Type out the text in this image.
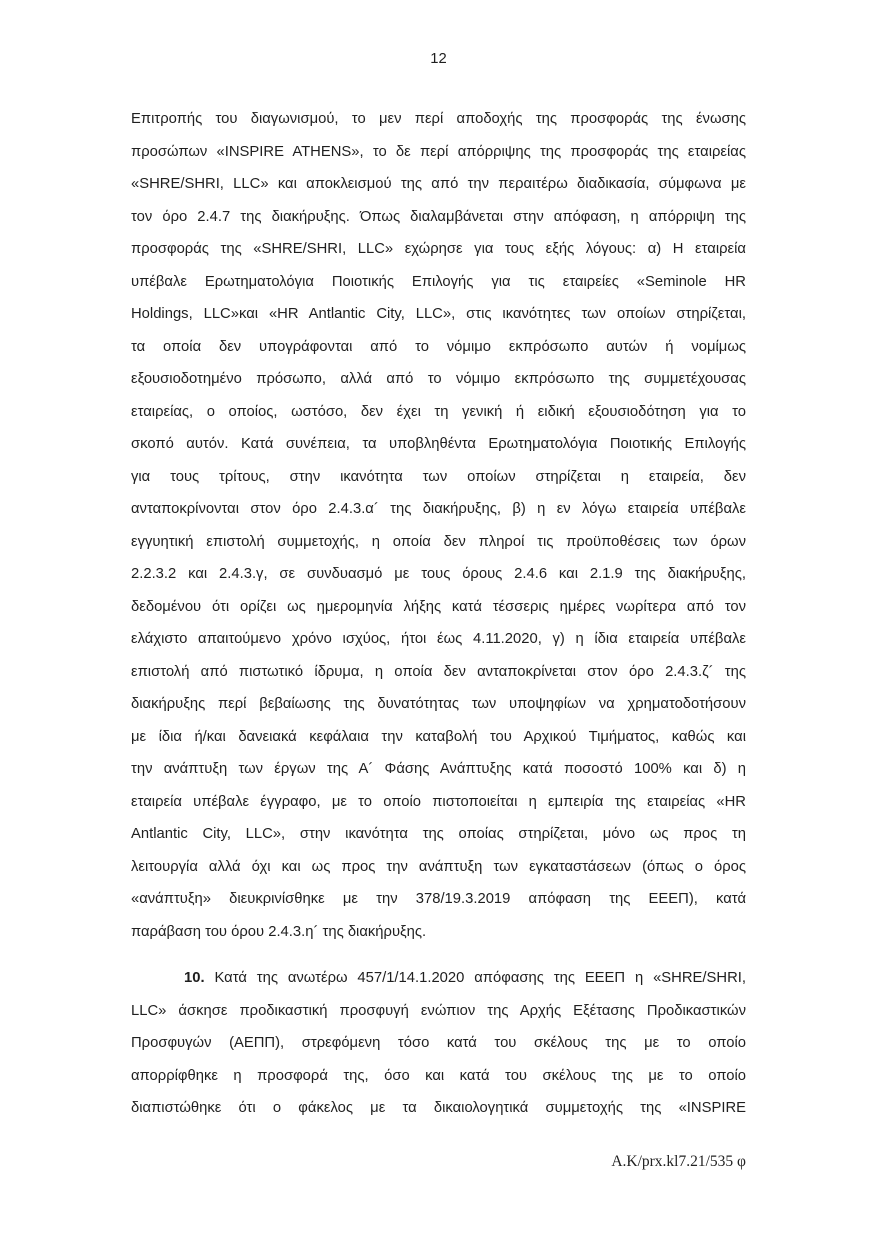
12
Επιτροπής του διαγωνισμού, το μεν περί αποδοχής της προσφοράς της ένωσης
προσώπων «INSPIRE ATHENS», το δε περί απόρριψης της προσφοράς της εταιρείας
«SHRE/SHRI, LLC» και αποκλεισμού της από την περαιτέρω διαδικασία, σύμφωνα με
τον όρο 2.4.7 της διακήρυξης. Όπως διαλαμβάνεται στην απόφαση, η απόρριψη της
προσφοράς της «SHRE/SHRI, LLC» εχώρησε για τους εξής λόγους: α) Η εταιρεία
υπέβαλε Ερωτηματολόγια Ποιοτικής Επιλογής για τις εταιρείες «Seminole HR
Holdings, LLC»και «HR Antlantic City, LLC», στις ικανότητες των οποίων στηρίζεται,
τα οποία δεν υπογράφονται από το νόμιμο εκπρόσωπο αυτών ή νομίμως
εξουσιοδοτημένο πρόσωπο, αλλά από το νόμιμο εκπρόσωπο της συμμετέχουσας
εταιρείας, ο οποίος, ωστόσο, δεν έχει τη γενική ή ειδική εξουσιοδότηση για το
σκοπό αυτόν. Κατά συνέπεια, τα υποβληθέντα Ερωτηματολόγια Ποιοτικής Επιλογής
για τους τρίτους, στην ικανότητα των οποίων στηρίζεται η εταιρεία, δεν
ανταποκρίνονται στον όρο 2.4.3.α´ της διακήρυξης, β) η εν λόγω εταιρεία υπέβαλε
εγγυητική επιστολή συμμετοχής, η οποία δεν πληροί τις προϋποθέσεις των όρων
2.2.3.2 και 2.4.3.γ, σε συνδυασμό με τους όρους 2.4.6 και 2.1.9 της διακήρυξης,
δεδομένου ότι ορίζει ως ημερομηνία λήξης κατά τέσσερις ημέρες νωρίτερα από τον
ελάχιστο απαιτούμενο χρόνο ισχύος, ήτοι έως 4.11.2020, γ) η ίδια εταιρεία υπέβαλε
επιστολή από πιστωτικό ίδρυμα, η οποία δεν ανταποκρίνεται στον όρο 2.4.3.ζ´ της
διακήρυξης περί βεβαίωσης της δυνατότητας των υποψηφίων να χρηματοδοτήσουν
με ίδια ή/και δανειακά κεφάλαια την καταβολή του Αρχικού Τιμήματος, καθώς και
την ανάπτυξη των έργων της Α´ Φάσης Ανάπτυξης κατά ποσοστό 100% και δ) η
εταιρεία υπέβαλε έγγραφο, με το οποίο πιστοποιείται η εμπειρία της εταιρείας «HR
Antlantic City, LLC», στην ικανότητα της οποίας στηρίζεται, μόνο ως προς τη
λειτουργία αλλά όχι και ως προς την ανάπτυξη των εγκαταστάσεων (όπως ο όρος
«ανάπτυξη» διευκρινίσθηκε με την 378/19.3.2019 απόφαση της ΕΕΕΠ), κατά
παράβαση του όρου 2.4.3.η´ της διακήρυξης.
10. Κατά της ανωτέρω 457/1/14.1.2020 απόφασης της ΕΕΕΠ η «SHRE/SHRI,
LLC» άσκησε προδικαστική προσφυγή ενώπιον της Αρχής Εξέτασης Προδικαστικών
Προσφυγών (ΑΕΠΠ), στρεφόμενη τόσο κατά του σκέλους της με το οποίο
απορρίφθηκε η προσφορά της, όσο και κατά του σκέλους της με το οποίο
διαπιστώθηκε ότι ο φάκελος με τα δικαιολογητικά συμμετοχής της «INSPIRE
Α.Κ/prx.kl7.21/535 φ
